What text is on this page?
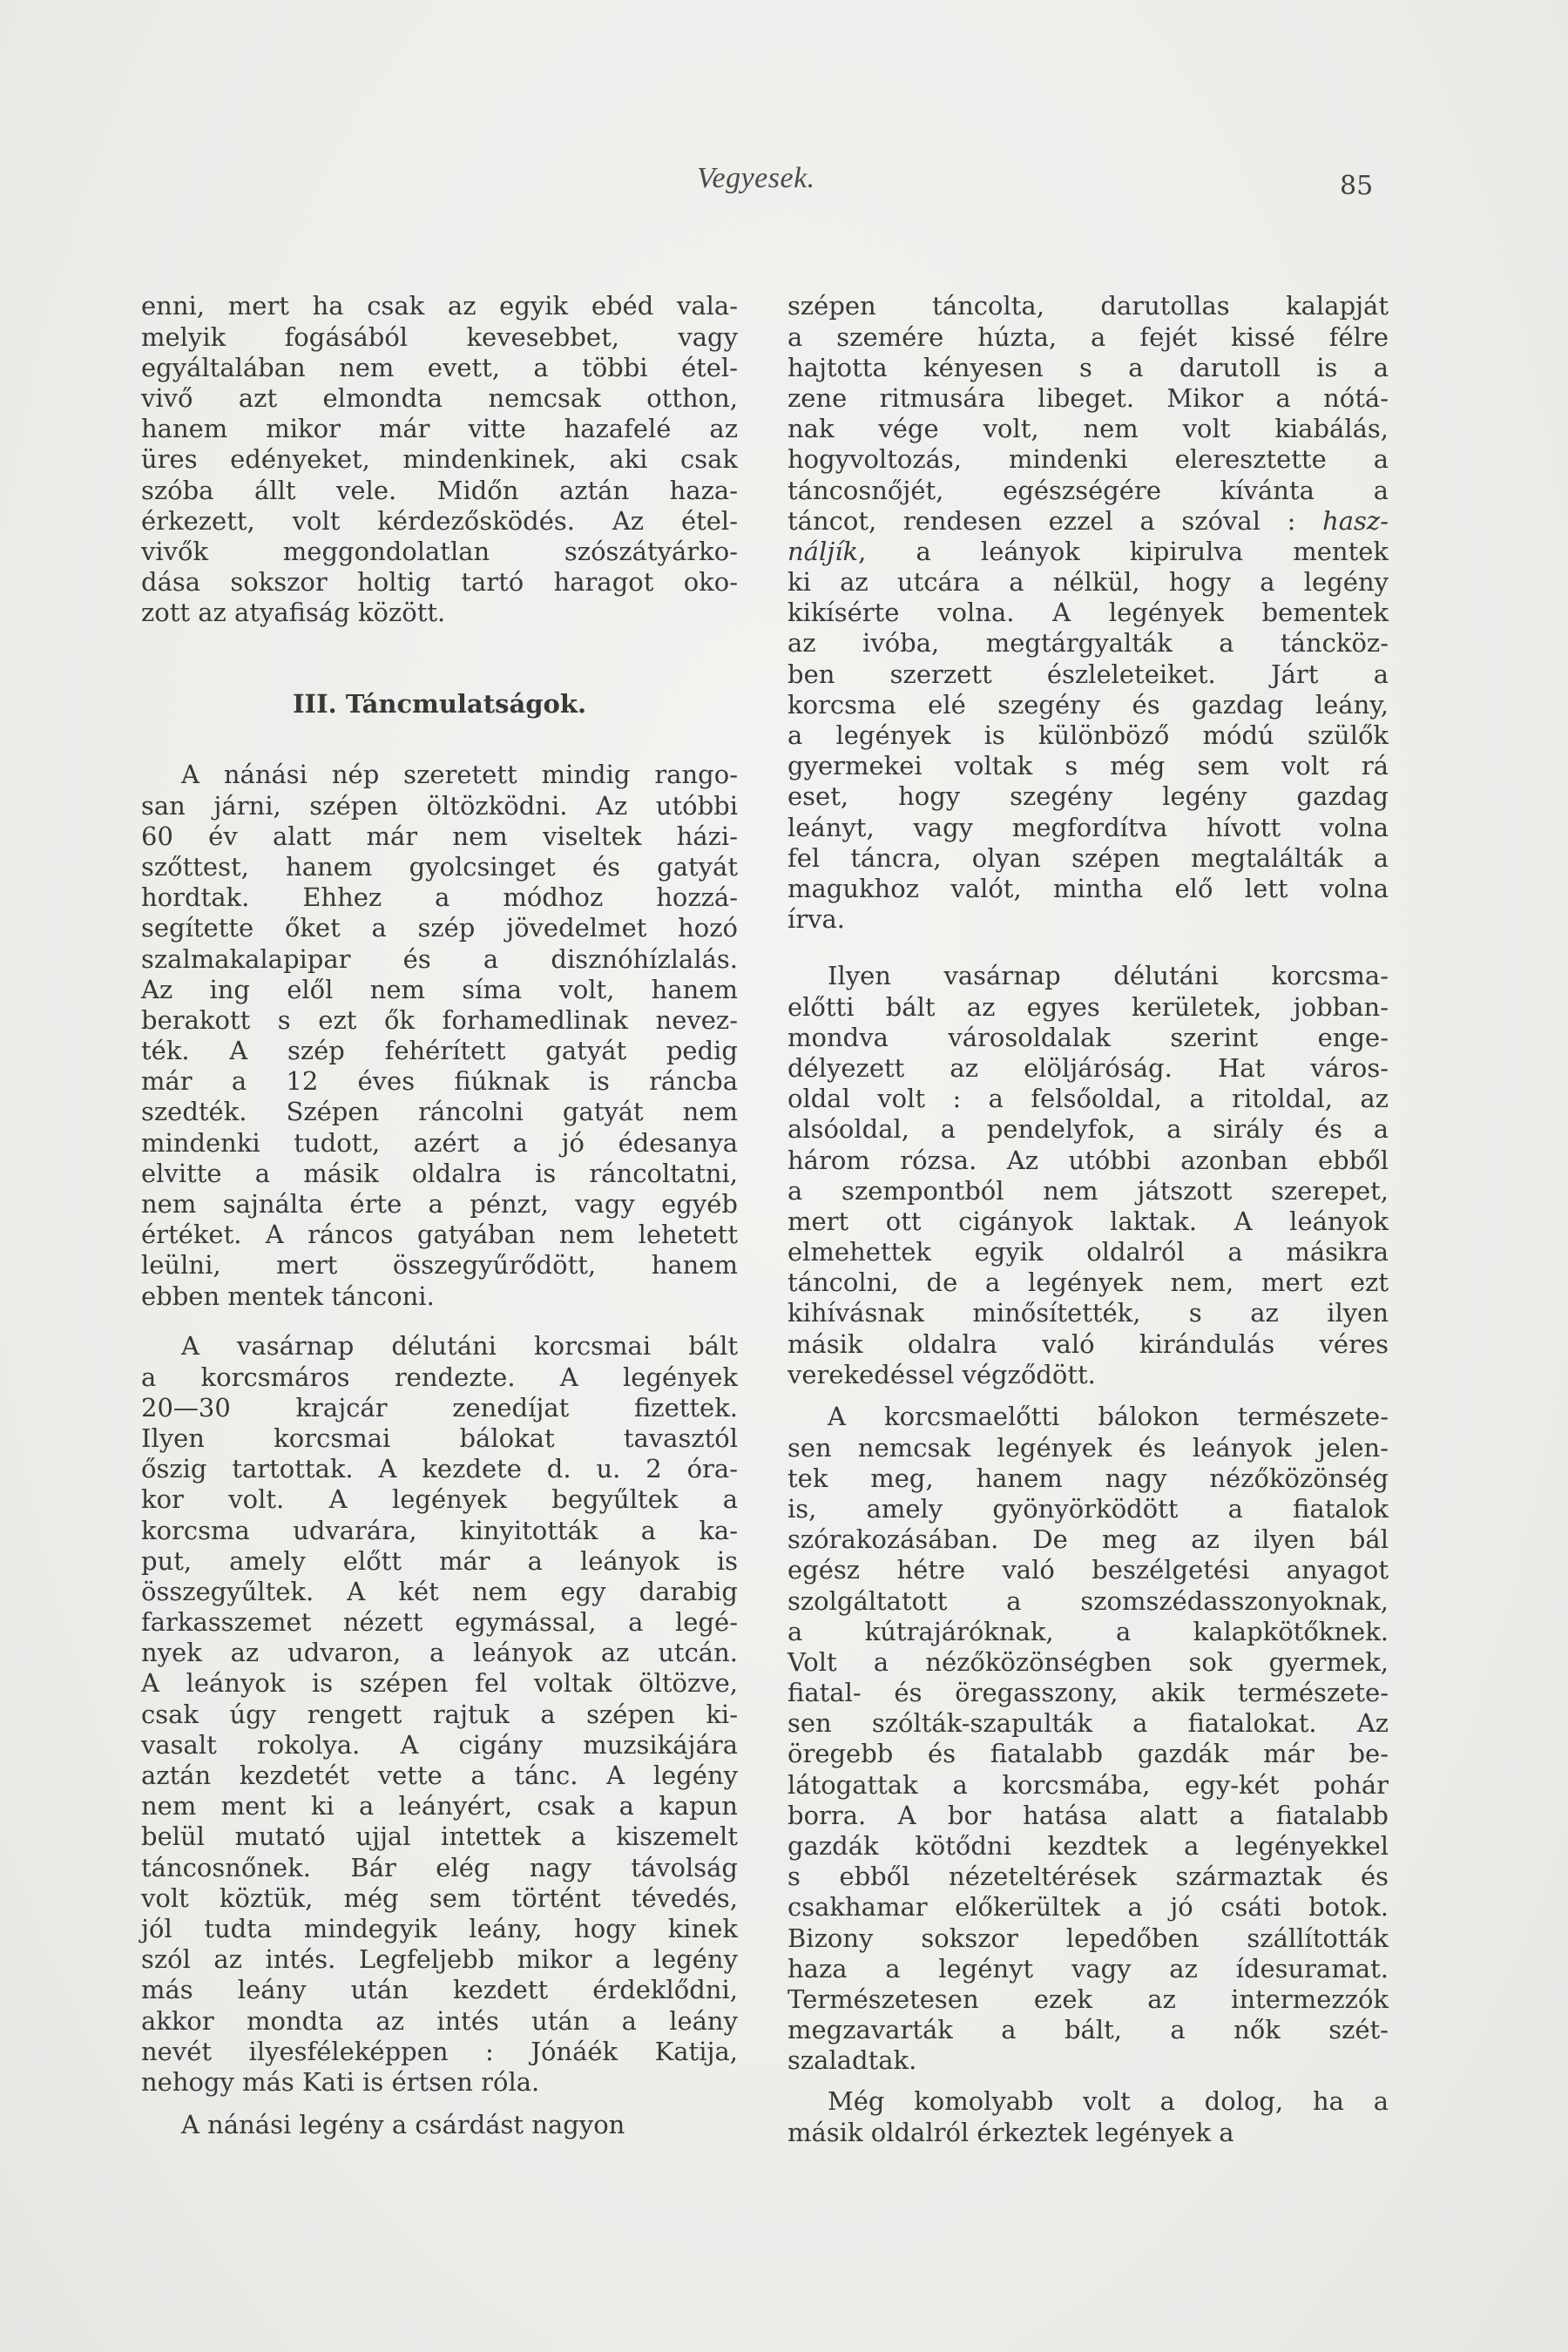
Vegyesek.	85
enni, mert ha csak az egyik ebéd vala-
melyik fogásából kevesebbet, vagy
egyáltalában nem evett, a többi étel-
vivő azt elmondta nemcsak otthon,
hanem mikor már vitte hazafelé az
üres edényeket, mindenkinek, aki csak
szóba állt vele. Midőn aztán haza-
érkezett, volt kérdezősködés. Az étel-
vivők meggondolatlan szószátyárko-
dása sokszor holtig tartó haragot oko-
zott az atyafiság között.
III. Táncmulatságok.
A nánási nép szeretett mindig rango-
san járni, szépen öltözködni. Az utóbbi
60 év alatt már nem viseltek házi-
szőttest, hanem gyolcsinget és gatyát
hordtak. Ehhez a módhoz hozzá-
segítette őket a szép jövedelmet hozó
szalmakalapipar és a disznóhízlalás.
Az ing elől nem síma volt, hanem
berakott s ezt ők forhamedlinak nevez-
ték. A szép fehérített gatyát pedig
már a 12 éves fiúknak is ráncba
szedték. Szépen ráncolni gatyát nem
mindenki tudott, azért a jó édesanya
elvitte a másik oldalra is ráncoltatni,
nem sajnálta érte a pénzt, vagy egyéb
értéket. A ráncos gatyában nem lehetett
leülni, mert összegyűrődött, hanem
ebben mentek tánconi.
A vasárnap délutáni korcsmai bált
a korcsmáros rendezte. A legények
20—30 krajcár zenedíjat fizettek.
Ilyen korcsmai bálokat tavasztól
őszig tartottak. A kezdete d. u. 2 óra-
kor volt. A legények begyűltek a
korcsma udvarára, kinyitották a ka-
put, amely előtt már a leányok is
összegyűltek. A két nem egy darabig
farkasszemet nézett egymással, a legé-
nyek az udvaron, a leányok az utcán.
A leányok is szépen fel voltak öltözve,
csak úgy rengett rajtuk a szépen ki-
vasalt rokolya. A cigány muzsikájára
aztán kezdetét vette a tánc. A legény
nem ment ki a leányért, csak a kapun
belül mutató ujjal intettek a kiszemelt
táncosnőnek. Bár elég nagy távolság
volt köztük, még sem történt tévedés,
jól tudta mindegyik leány, hogy kinek
szól az intés. Legfeljebb mikor a legény
más leány után kezdett érdeklődni,
akkor mondta az intés után a leány
nevét ilyesféleképpen : Jónáék Katija,
nehogy más Kati is értsen róla.
A nánási legény a csárdást nagyon
szépen táncolta, darutollas kalapját
a szemére húzta, a fejét kissé félre
hajtotta kényesen s a darutoll is a
zene ritmusára libeget. Mikor a nótá-
nak vége volt, nem volt kiabálás,
hogyvoltozás, mindenki eleresztette a
táncosnőjét, egészségére kívánta a
táncot, rendesen ezzel a szóval : hasz-
náljík, a leányok kipirulva mentek
ki az utcára a nélkül, hogy a legény
kikísérte volna. A legények bementek
az ivóba, megtárgyalták a táncköz-
ben szerzett észleleteiket. Járt a
korcsma elé szegény és gazdag leány,
a legények is különböző módú szülők
gyermekei voltak s még sem volt rá
eset, hogy szegény legény gazdag
leányt, vagy megfordítva hívott volna
fel táncra, olyan szépen megtalálták a
magukhoz valót, mintha elő lett volna
írva.
Ilyen vasárnap délutáni korcsma-
előtti bált az egyes kerületek, jobban-
mondva városoldalak szerint enge-
délyezett az elöljáróság. Hat város-
oldal volt : a felsőoldal, a ritoldal, az
alsóoldal, a pendelyfok, a sirály és a
három rózsa. Az utóbbi azonban ebből
a szempontból nem játszott szerepet,
mert ott cigányok laktak. A leányok
elmehettek egyik oldalról a másikra
táncolni, de a legények nem, mert ezt
kihívásnak minősítették, s az ilyen
másik oldalra való kirándulás véres
verekedéssel végződött.
A korcsmaelőtti bálokon természete-
sen nemcsak legények és leányok jelen-
tek meg, hanem nagy nézőközönség
is, amely gyönyörködött a fiatalok
szórakozásában. De meg az ilyen bál
egész hétre való beszélgetési anyagot
szolgáltatott a szomszédasszonyoknak,
a kútrajáróknak, a kalapkötőknek.
Volt a nézőközönségben sok gyermek,
fiatal- és öregasszony, akik természete-
sen szólták-szapulták a fiatalokat. Az
öregebb és fiatalabb gazdák már be-
látogattak a korcsmába, egy-két pohár
borra. A bor hatása alatt a fiatalabb
gazdák kötődni kezdtek a legényekkel
s ebből nézeteltérések származtak és
csakhamar előkerültek a jó csáti botok.
Bizony sokszor lepedőben szállították
haza a legényt vagy az ídesuramat.
Természetesen ezek az intermezzók
megzavarták a bált, a nők szét-
szaladtak.
Még komolyabb volt a dolog, ha a
másik oldalról érkeztek legények a
